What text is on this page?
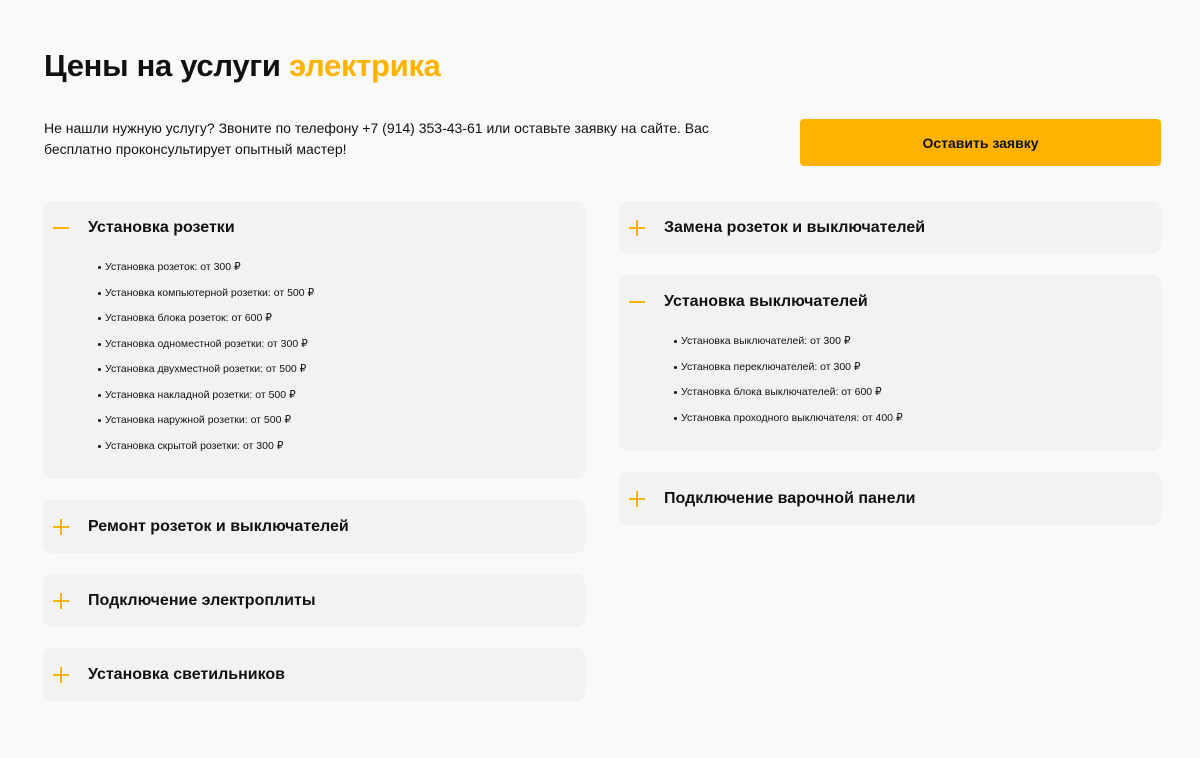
Цены на услуги электрика

Не нашли нужную услугу? Звоните по телефону +7 (914) 353-43-61 или оставьте заявку на сайте. Вас бесплатно проконсультирует опытный мастер!	Оставить заявку
Установка розетки
Установка розеток: от 300 ₽
Установка компьютерной розетки: от 500 ₽
Установка блока розеток: от 600 ₽
Установка одноместной розетки: от 300 ₽
Установка двухместной розетки: от 500 ₽
Установка накладной розетки: от 500 ₽
Установка наружной розетки: от 500 ₽
Установка скрытой розетки: от 300 ₽
Ремонт розеток и выключателей
Подключение электроплиты
Установка светильников
Замена розеток и выключателей
Установка выключателей
Установка выключателей: от 300 ₽
Установка переключателей: от 300 ₽
Установка блока выключателей: от 600 ₽
Установка проходного выключателя: от 400 ₽
Подключение варочной панели
